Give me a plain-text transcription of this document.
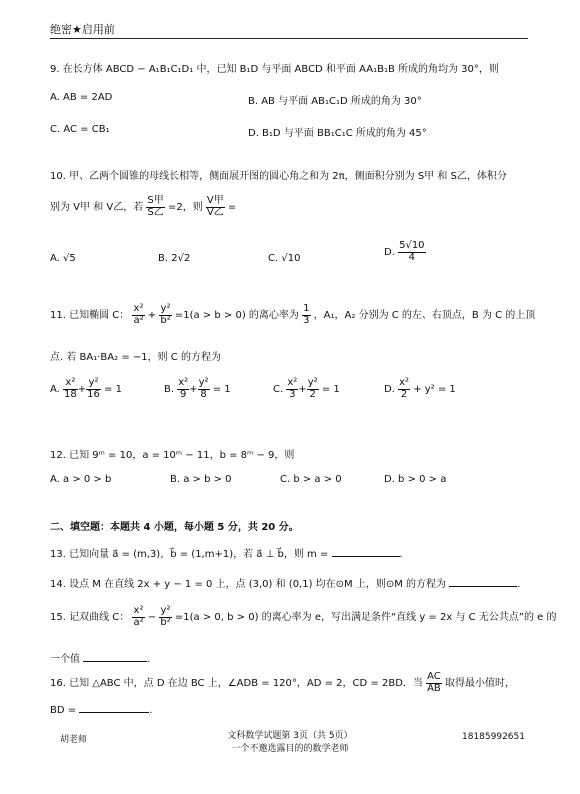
绝密★启用前
9. 在长方体 ABCD − A₁B₁C₁D₁ 中，已知 B₁D 与平面 ABCD 和平面 AA₁B₁B 所成的角均为 30°，则
A. AB = 2AD	B. AB 与平面 AB₁C₁D 所成的角为 30°
C. AC = CB₁	D. B₁D 与平面 BB₁C₁C 所成的角为 45°
10. 甲、乙两个圆锥的母线长相等，侧面展开图的圆心角之和为 2π，侧面积分别为 S甲 和 S乙，体积分
别为 V甲 和 V乙，若 $\frac{\text{S甲}}{\text{S乙}} =2$，则 $\frac{\text{V甲}}{\text{V乙}}$ =
A. √5	B. 2√2	C. √10
D. $\frac{5√10}{4}$
11. 已知椭圆 C： $\frac{\text{x²}}{\text{a²}} + \frac{\text{y²}}{\text{b²}} =1(a > b > 0)$ 的离心率为 $\frac{1}{3}$ ，A₁，A₂ 分别为 C 的左、右顶点，B 为 C 的上顶
点. 若 BA₁·BA₂ = −1，则 C 的方程为
A. $\frac{\text{x²}}{18} + \frac{\text{y²}}{16} = 1$	B. $\frac{\text{x²}}{9} + \frac{\text{y²}}{8} = 1$	C. $\frac{\text{x²}}{3} + \frac{\text{y²}}{2} = 1$	D. $\frac{\text{x²}}{2} + y^2 = 1$
12. 已知 9ᵐ = 10，a = 10ᵐ − 11，b = 8ᵐ − 9，则
A. a > 0 > b	B. a > b > 0	C. b > a > 0	D. b > 0 > a
二、填空题：本题共 4 小题，每小题 5 分，共 20 分。
13. 已知向量 a⃗ = (m,3)，b⃗ = (1,m+1)，若 a⃗ ⊥ b⃗，则 m =	.
14. 设点 M 在直线 2x + y − 1 = 0 上，点 (3,0) 和 (0,1) 均在⊙M 上，则⊙M 的方程为	.
15. 记双曲线 C： $\frac{\text{x²}}{\text{a²}} - \frac{\text{y²}}{\text{b²}} =1(a > 0$, b > 0) 的离心率为 e，写出满足条件“直线 y = 2x 与 C 无公共点”的 e 的
一个值	.
16. 已知 △ABC 中，点 D 在边 BC 上，∠ADB = 120°，AD = 2，CD = 2BD．当 $\frac{AC}{AB}$ 取得最小值时，
BD =	.
胡老师	文科数学试题第 3页（共 5页）
一个不邀选露目的的数学老师
18185992651
